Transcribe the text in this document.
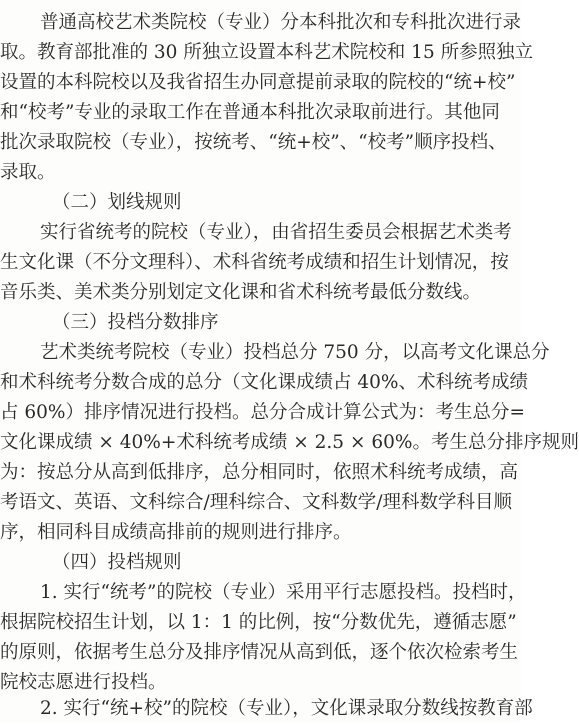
普通高校艺术类院校（专业）分本科批次和专科批次进行录
取。教育部批准的 30 所独立设置本科艺术院校和 15 所参照独立
设置的本科院校以及我省招生办同意提前录取的院校的“统+校”
和“校考”专业的录取工作在普通本科批次录取前进行。其他同
批次录取院校（专业），按统考、“统+校”、“校考”顺序投档、
录取。
（二）划线规则
实行省统考的院校（专业），由省招生委员会根据艺术类考
生文化课（不分文理科）、术科省统考成绩和招生计划情况，按
音乐类、美术类分别划定文化课和省术科统考最低分数线。
（三）投档分数排序
艺术类统考院校（专业）投档总分 750 分，以高考文化课总分
和术科统考分数合成的总分（文化课成绩占 40%、术科统考成绩
占 60%）排序情况进行投档。总分合成计算公式为：考生总分=
文化课成绩 × 40%+术科统考成绩 × 2.5 × 60%。考生总分排序规则
为：按总分从高到低排序，总分相同时，依照术科统考成绩，高
考语文、英语、文科综合/理科综合、文科数学/理科数学科目顺
序，相同科目成绩高排前的规则进行排序。
（四）投档规则
1. 实行“统考”的院校（专业）采用平行志愿投档。投档时，
根据院校招生计划，以 1：1 的比例，按“分数优先，遵循志愿”
的原则，依据考生总分及排序情况从高到低，逐个依次检索考生
院校志愿进行投档。
2. 实行“统+校”的院校（专业），文化课录取分数线按教育部
